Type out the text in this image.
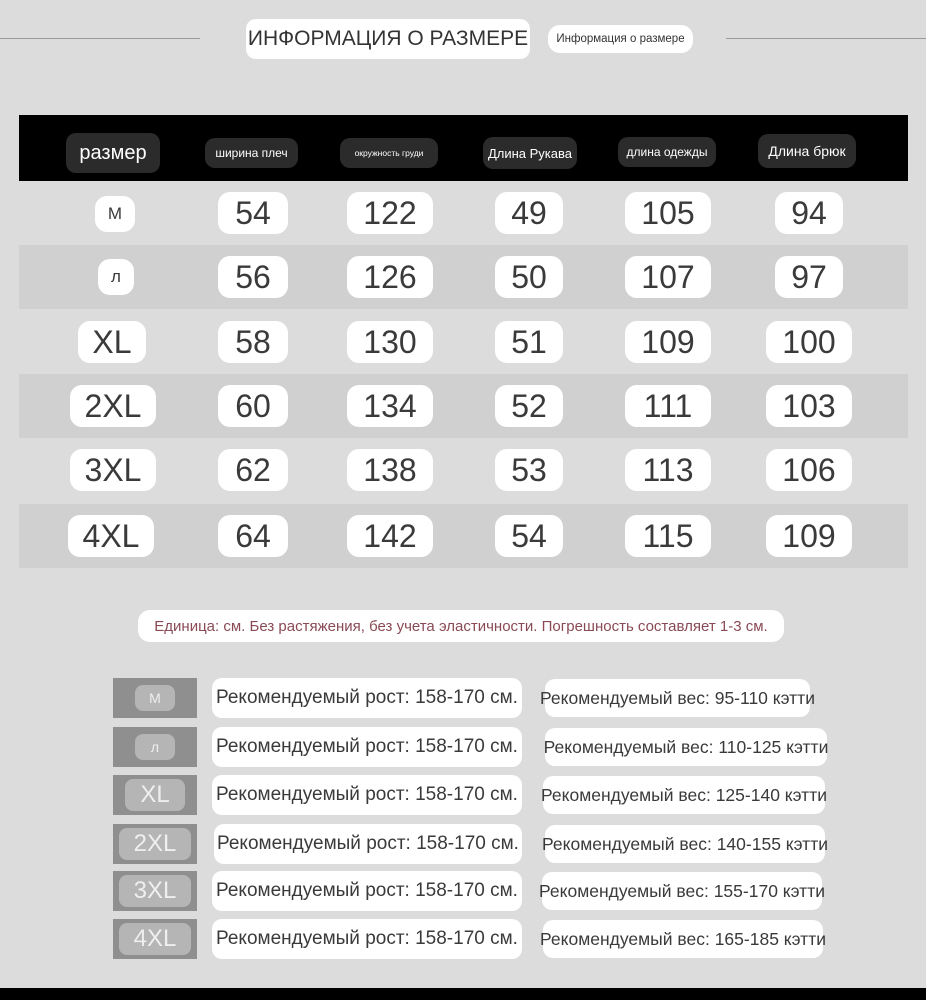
ИНФОРМАЦИЯ О РАЗМЕРЕ	Информация о размере
размер	ширина плеч	окружность груди	Длина Рукава	длина одежды	Длина брюк
M	54	122	49	105	94
л	56	126	50	107	97
XL	58	130	51	109	100
2XL	60	134	52	111	103
3XL	62	138	53	113	106
4XL	64	142	54	115	109
Единица: см. Без растяжения, без учета эластичности. Погрешность составляет 1-3 см.
M	Рекомендуемый рост: 158-170 см. Рекомендуемый вес: 95-110 кэтти
л	Рекомендуемый рост: 158-170 см. Рекомендуемый вес: 110-125 кэтти
XL	Рекомендуемый рост: 158-170 см. Рекомендуемый вес: 125-140 кэтти
2XL	Рекомендуемый рост: 158-170 см. Рекомендуемый вес: 140-155 кэтти
3XL	Рекомендуемый рост: 158-170 см. Рекомендуемый вес: 155-170 кэтти
4XL	Рекомендуемый рост: 158-170 см. Рекомендуемый вес: 165-185 кэтти
